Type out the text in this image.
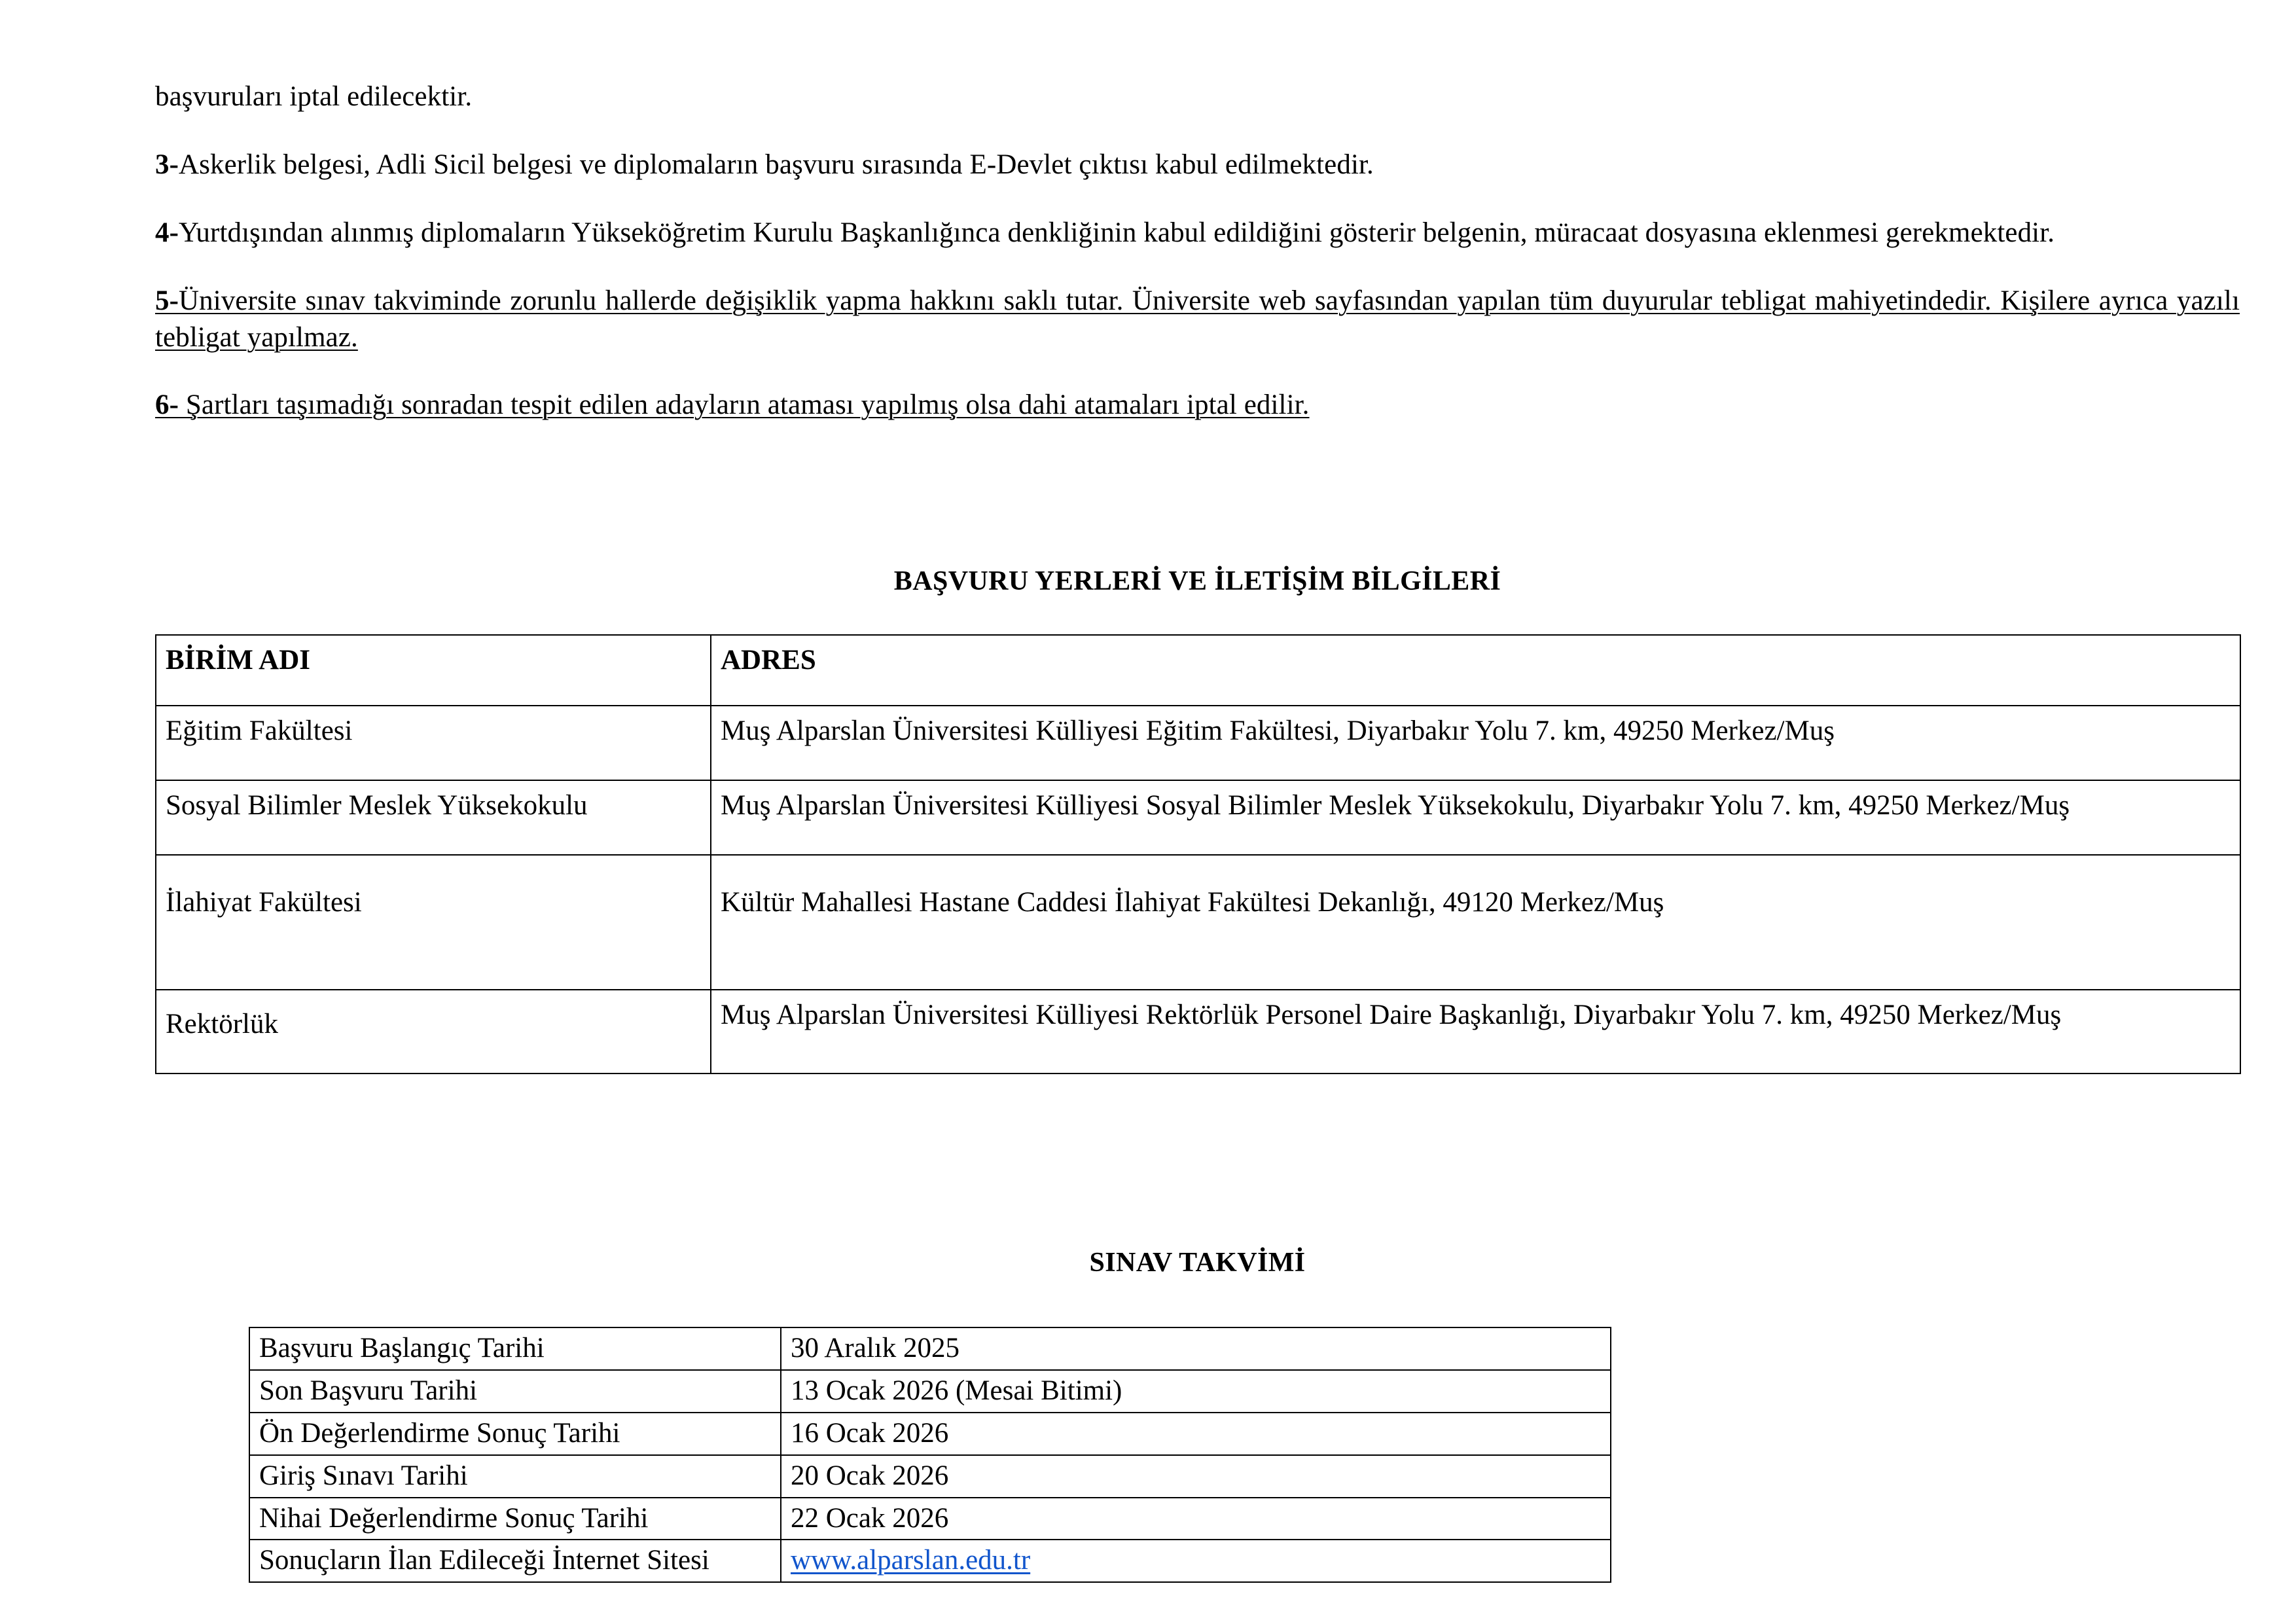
başvuruları iptal edilecektir.

3-Askerlik belgesi, Adli Sicil belgesi ve diplomaların başvuru sırasında E-Devlet çıktısı kabul edilmektedir.

4-Yurtdışından alınmış diplomaların Yükseköğretim Kurulu Başkanlığınca denkliğinin kabul edildiğini gösterir belgenin, müracaat dosyasına eklenmesi gerekmektedir.

5-Üniversite sınav takviminde zorunlu hallerde değişiklik yapma hakkını saklı tutar. Üniversite web sayfasından yapılan tüm duyurular tebligat mahiyetindedir. Kişilere ayrıca yazılı tebligat yapılmaz.

6- Şartları taşımadığı sonradan tespit edilen adayların ataması yapılmış olsa dahi atamaları iptal edilir.

BAŞVURU YERLERİ VE İLETİŞİM BİLGİLERİ
BİRİM ADI	ADRES
Eğitim Fakültesi	Muş Alparslan Üniversitesi Külliyesi Eğitim Fakültesi, Diyarbakır Yolu 7. km, 49250 Merkez/Muş
Sosyal Bilimler Meslek Yüksekokulu	Muş Alparslan Üniversitesi Külliyesi Sosyal Bilimler Meslek Yüksekokulu, Diyarbakır Yolu 7. km, 49250 Merkez/Muş
İlahiyat Fakültesi	Kültür Mahallesi Hastane Caddesi İlahiyat Fakültesi Dekanlığı, 49120 Merkez/Muş
Rektörlük	Muş Alparslan Üniversitesi Külliyesi Rektörlük Personel Daire Başkanlığı, Diyarbakır Yolu 7. km, 49250 Merkez/Muş
SINAV TAKVİMİ
Başvuru Başlangıç Tarihi	30 Aralık 2025
Son Başvuru Tarihi	13 Ocak 2026 (Mesai Bitimi)
Ön Değerlendirme Sonuç Tarihi	16 Ocak 2026
Giriş Sınavı Tarihi	20 Ocak 2026
Nihai Değerlendirme Sonuç Tarihi	22 Ocak 2026
Sonuçların İlan Edileceği İnternet Sitesi	www.alparslan.edu.tr
